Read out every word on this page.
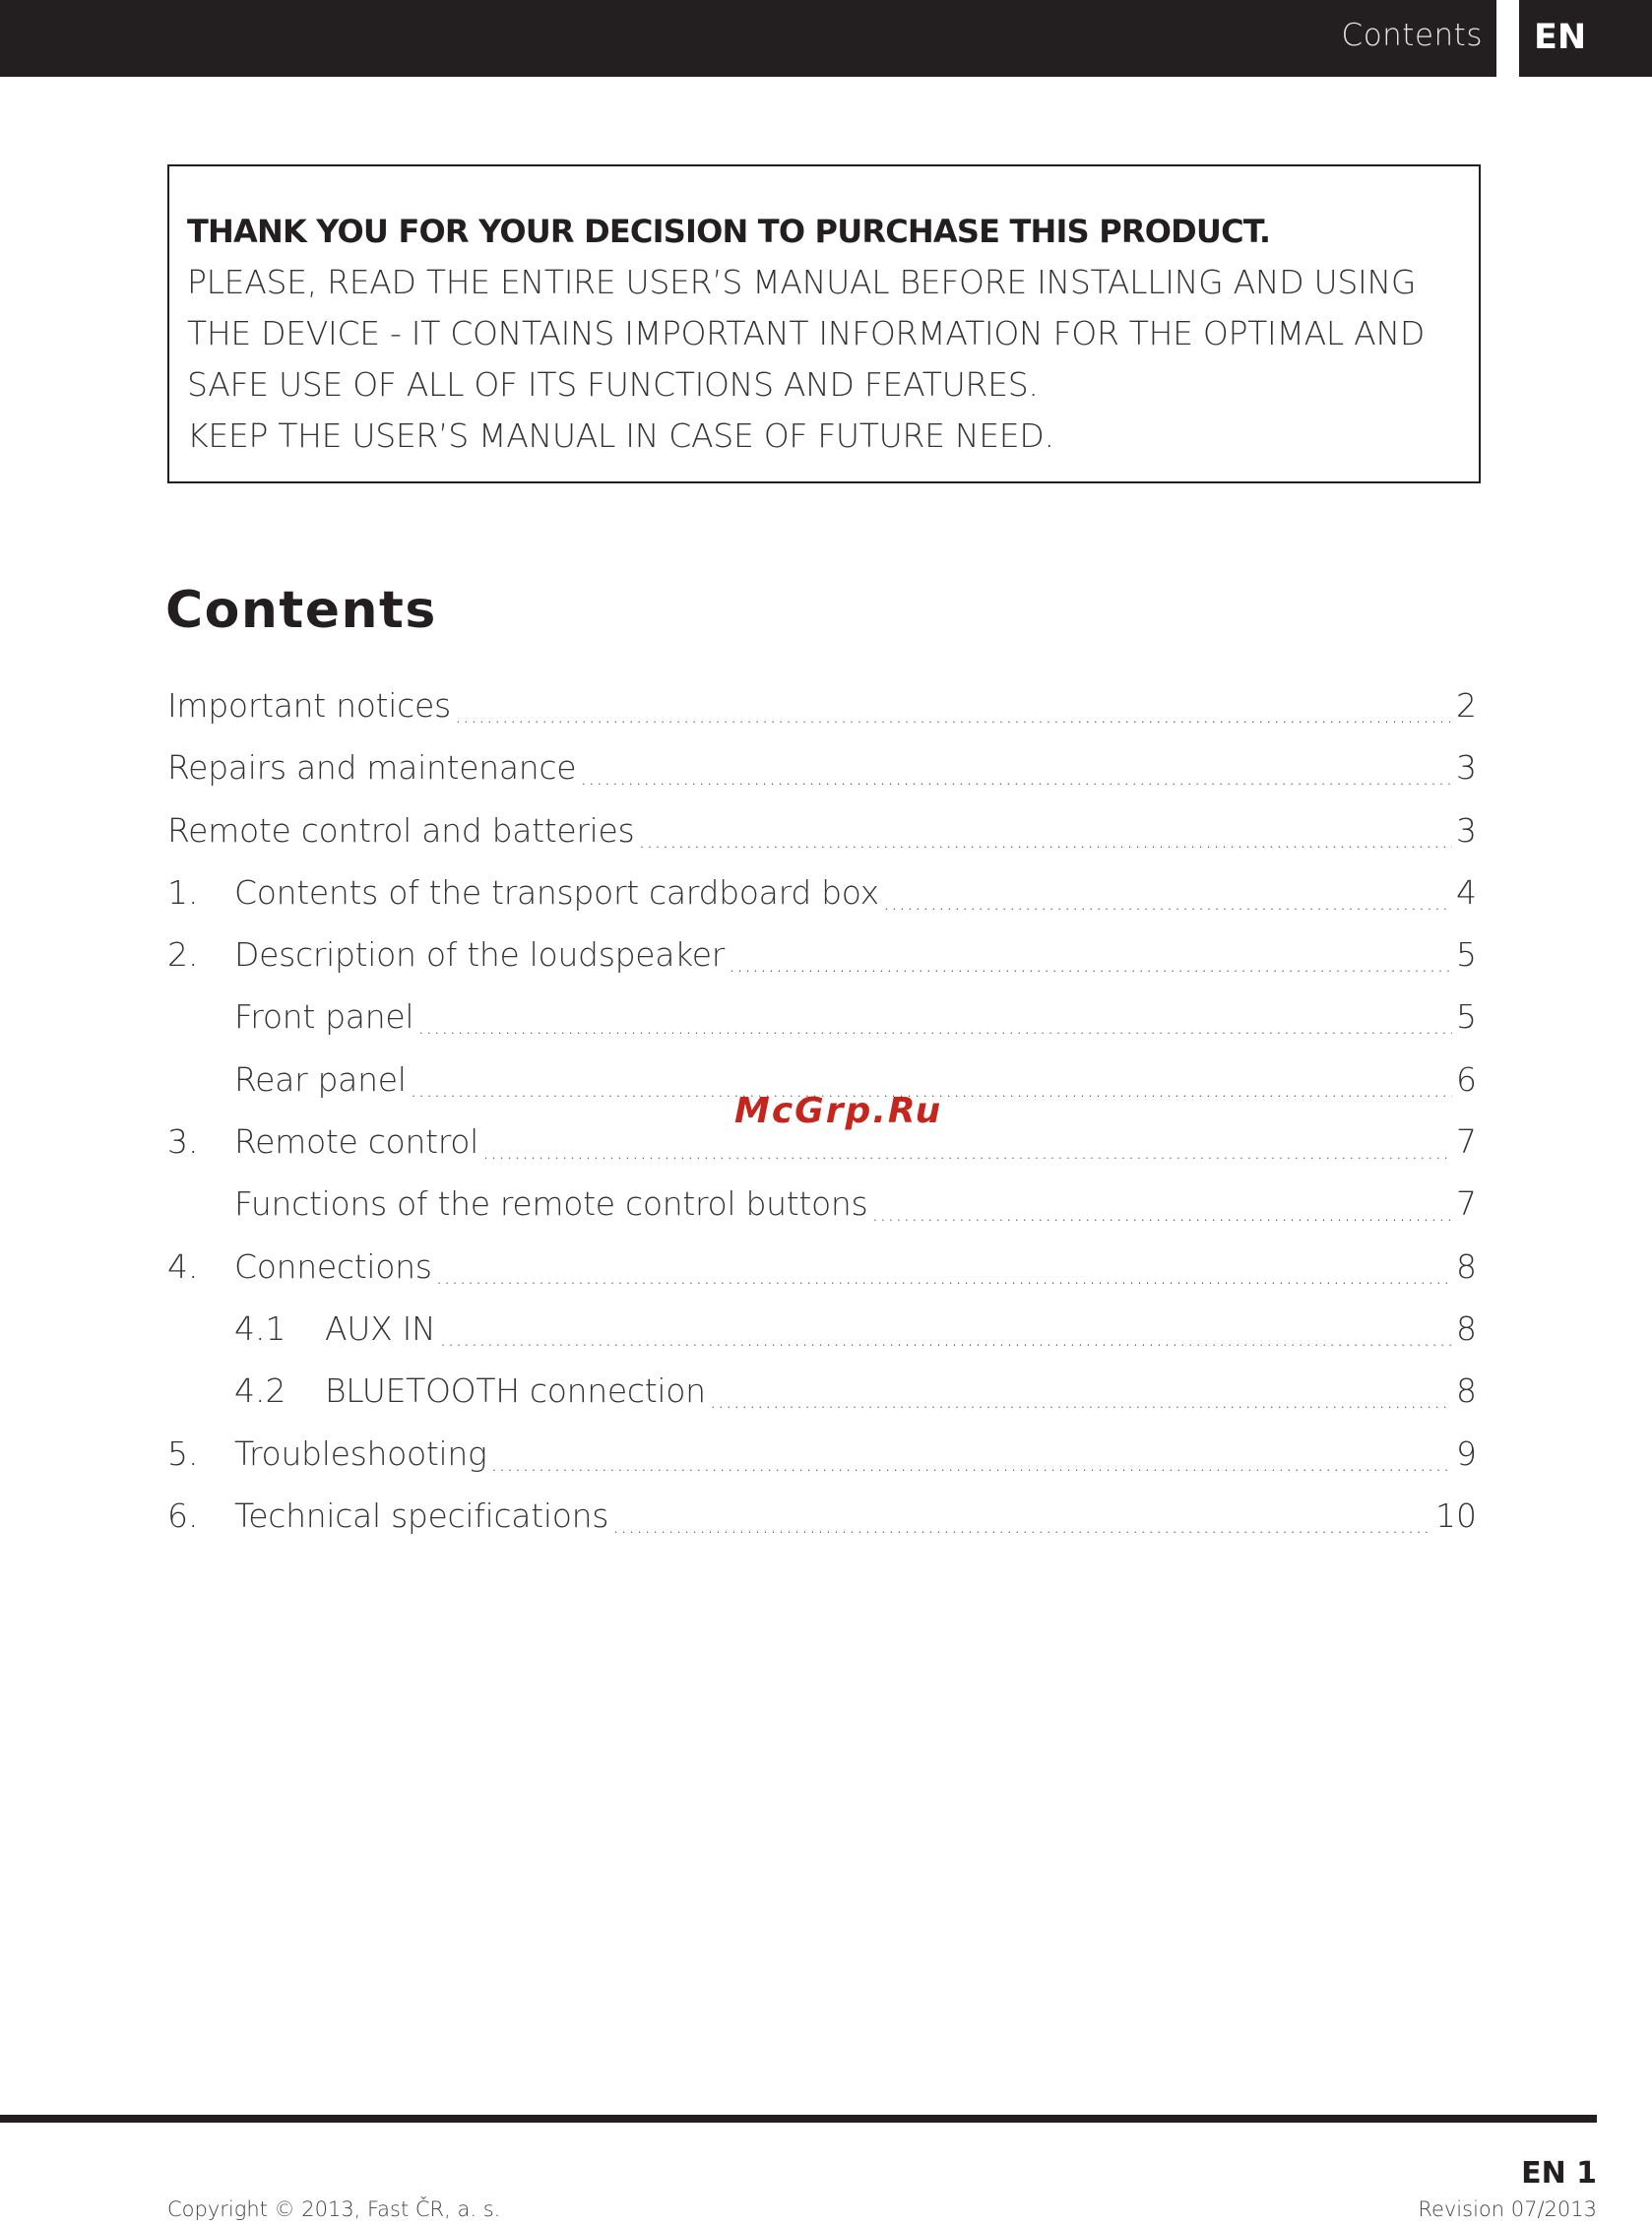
Contents EN
THANK YOU FOR YOUR DECISION TO PURCHASE THIS PRODUCT.
PLEASE, READ THE ENTIRE USER’S MANUAL BEFORE INSTALLING AND USING
THE DEVICE - IT CONTAINS IMPORTANT INFORMATION FOR THE OPTIMAL AND
SAFE USE OF ALL OF ITS FUNCTIONS AND FEATURES.
KEEP THE USER’S MANUAL IN CASE OF FUTURE NEED.
Contents
Important notices .....	2
Repairs and maintenance .....	3
Remote control and batteries .....	3
1.	Contents of the transport cardboard box .....	4
2.	Description of the loudspeaker .....	5
Front panel .....	5
Rear panel .....	6
3.	Remote control .....	7
Functions of the remote control buttons .....	7
4.	Connections .....	8
4.1	AUX IN .....	8
4.2	BLUETOOTH connection .....	8
5.	Troubleshooting .....	9
6.	Technical specifications .....	10
McGrp.Ru
EN 1
Copyright © 2013, Fast ČR, a. s.	Revision 07/2013
